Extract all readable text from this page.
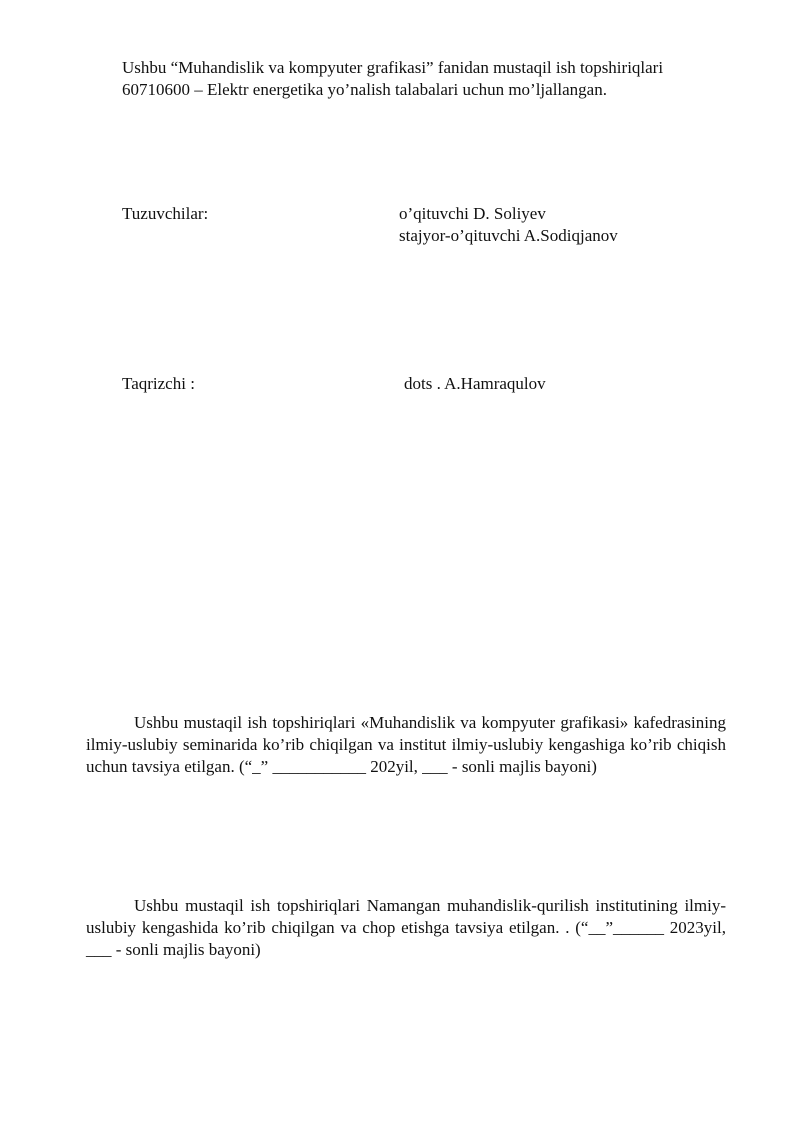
Ushbu “Muhandislik va kompyuter grafikasi” fanidan mustaqil ish topshiriqlari

60710600 – Elektr energetika yo’nalish talabalari uchun mo’ljallangan.

Tuzuvchilar:	o’qituvchi D. Soliyev
stajyor-o’qituvchi A.Sodiqjanov
Taqrizchi :	dots . A.Hamraqulov

Ushbu mustaqil ish topshiriqlari «Muhandislik va kompyuter grafikasi» kafedrasining ilmiy-uslubiy seminarida ko’rib chiqilgan va institut ilmiy-uslubiy kengashiga ko’rib chiqish uchun tavsiya etilgan. (“_” ___________ 202yil, ___ - sonli majlis bayoni)

Ushbu mustaqil ish topshiriqlari Namangan muhandislik-qurilish institutining ilmiy-uslubiy kengashida ko’rib chiqilgan va chop etishga tavsiya etilgan. . (“__”______ 2023yil, ___ - sonli majlis bayoni)
